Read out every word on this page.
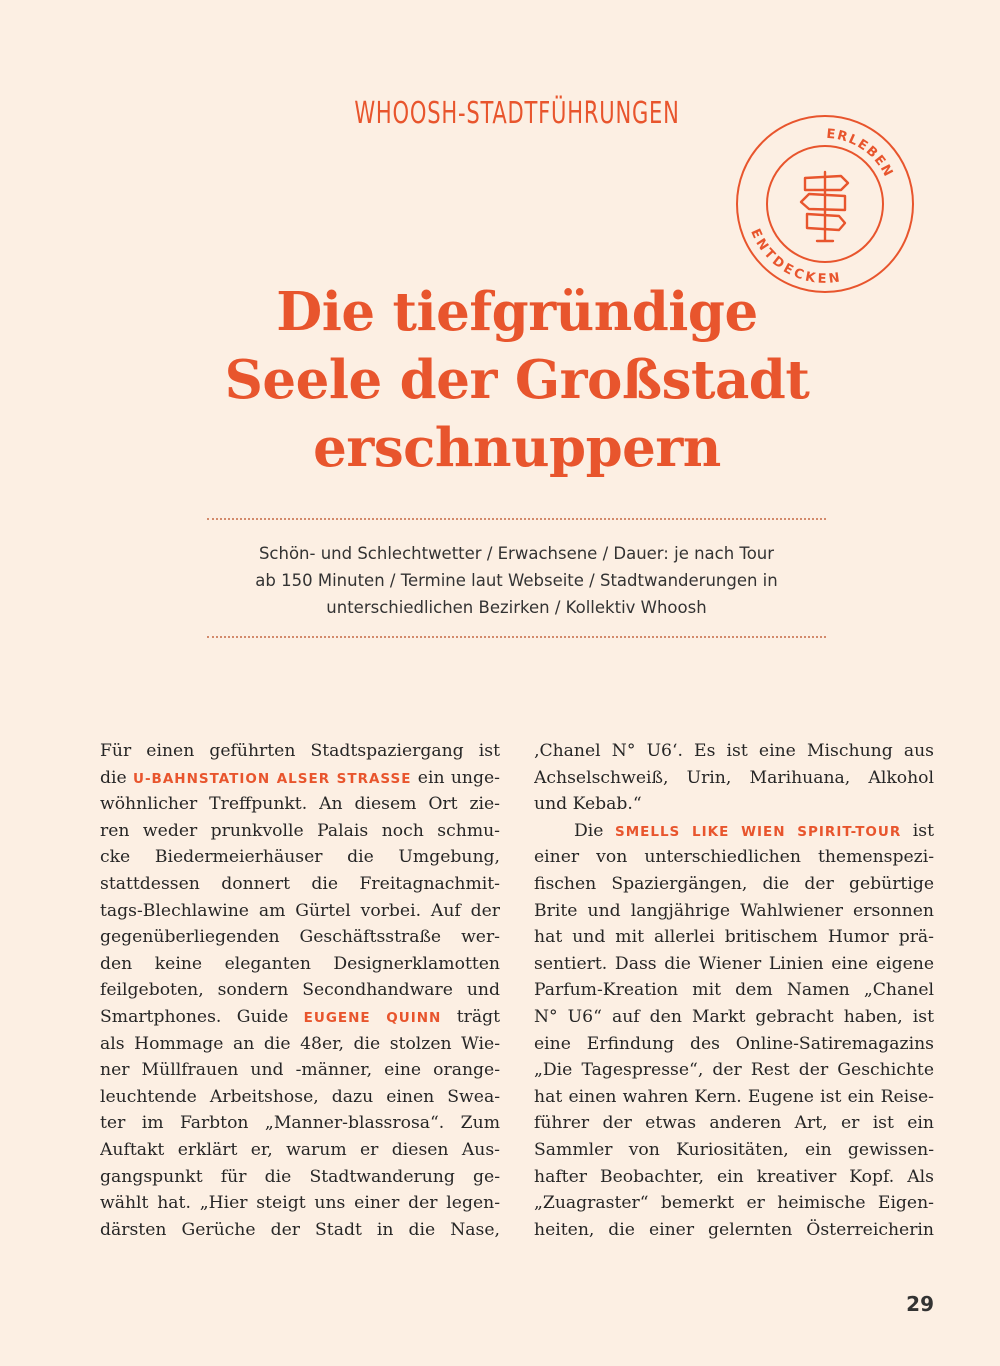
WHOOSH-STADTFÜHRUNGEN
ERLEBEN
ENTDECKEN
Die tiefgründige
Seele der Großstadt
erschnuppern
Schön- und Schlechtwetter / Erwachsene / Dauer: je nach Tour
ab 150 Minuten / Termine laut Webseite / Stadtwanderungen in
unterschiedlichen Bezirken / Kollektiv Whoosh
Für einen geführten Stadtspaziergang ist
die U-BAHNSTATION ALSER STRASSE ein unge-
wöhnlicher Treffpunkt. An diesem Ort zie-
ren weder prunkvolle Palais noch schmu-
cke Biedermeierhäuser die Umgebung,
stattdessen donnert die Freitagnachmit-
tags-Blechlawine am Gürtel vorbei. Auf der
gegenüberliegenden Geschäftsstraße wer-
den keine eleganten Designerklamotten
feilgeboten, sondern Secondhandware und
Smartphones. Guide EUGENE QUINN trägt
als Hommage an die 48er, die stolzen Wie-
ner Müllfrauen und -männer, eine orange-
leuchtende Arbeitshose, dazu einen Swea-
ter im Farbton „Manner-blassrosa“. Zum
Auftakt erklärt er, warum er diesen Aus-
gangspunkt für die Stadtwanderung ge-
wählt hat. „Hier steigt uns einer der legen-
därsten Gerüche der Stadt in die Nase,
‚Chanel N° U6‘. Es ist eine Mischung aus
Achselschweiß, Urin, Marihuana, Alkohol
und Kebab.“
Die SMELLS LIKE WIEN SPIRIT-TOUR ist
einer von unterschiedlichen themenspezi-
fischen Spaziergängen, die der gebürtige
Brite und langjährige Wahlwiener ersonnen
hat und mit allerlei britischem Humor prä-
sentiert. Dass die Wiener Linien eine eigene
Parfum-Kreation mit dem Namen „Chanel
N° U6“ auf den Markt gebracht haben, ist
eine Erfindung des Online-Satiremagazins
„Die Tagespresse“, der Rest der Geschichte
hat einen wahren Kern. Eugene ist ein Reise-
führer der etwas anderen Art, er ist ein
Sammler von Kuriositäten, ein gewissen-
hafter Beobachter, ein kreativer Kopf. Als
„Zuagraster“ bemerkt er heimische Eigen-
heiten, die einer gelernten Österreicherin
29
